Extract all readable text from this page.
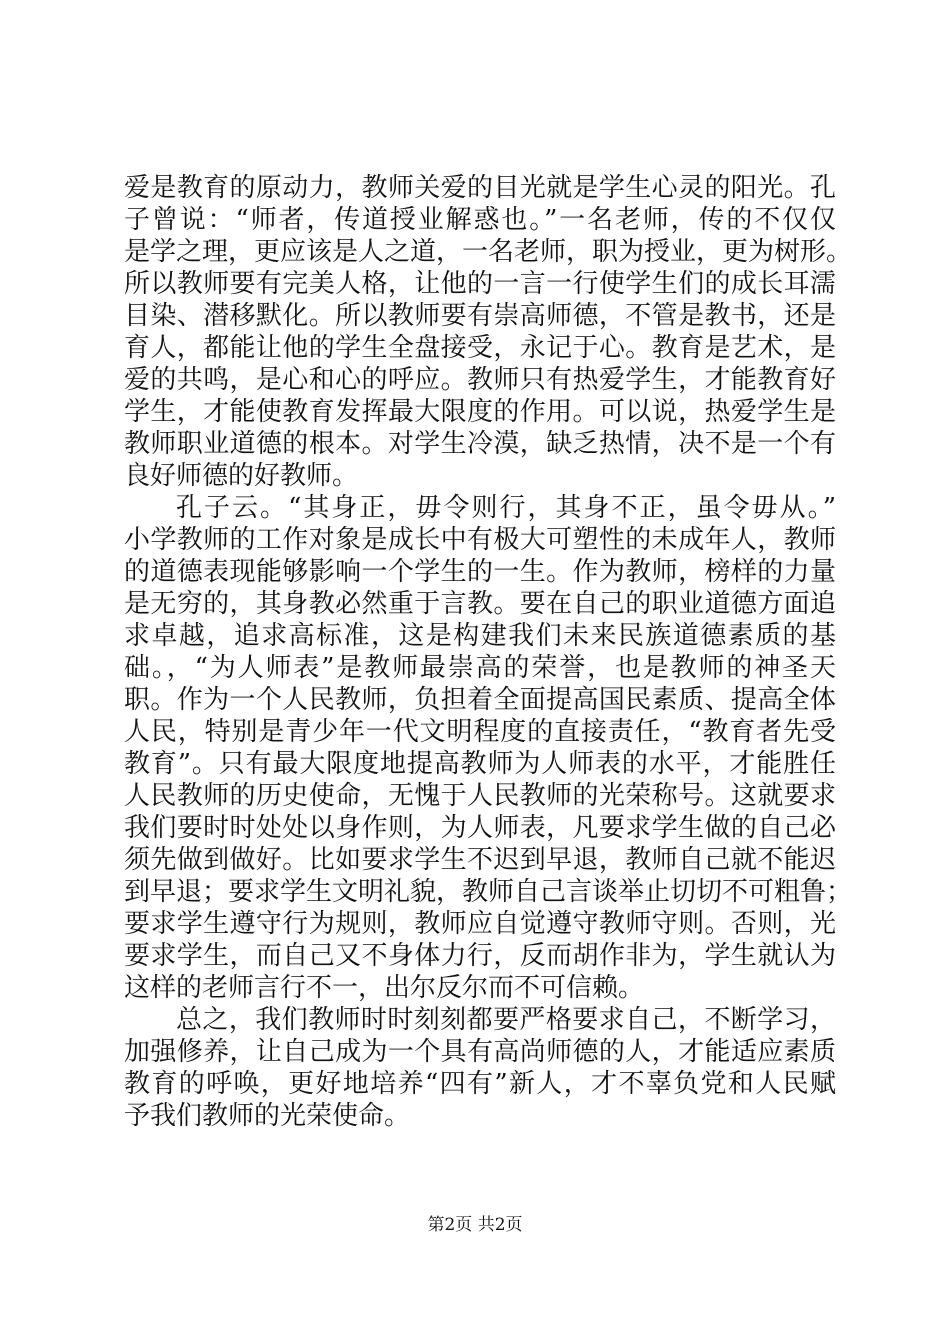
爱是教育的原动力，教师关爱的目光就是学生心灵的阳光。孔
子曾说：“师者，传道授业解惑也。”一名老师，传的不仅仅
是学之理，更应该是人之道，一名老师，职为授业，更为树形。
所以教师要有完美人格，让他的一言一行使学生们的成长耳濡
目染、潜移默化。所以教师要有崇高师德，不管是教书，还是
育人，都能让他的学生全盘接受，永记于心。教育是艺术，是
爱的共鸣，是心和心的呼应。教师只有热爱学生，才能教育好
学生，才能使教育发挥最大限度的作用。可以说，热爱学生是
教师职业道德的根本。对学生冷漠，缺乏热情，决不是一个有
良好师德的好教师。
孔子云。“其身正，毋令则行，其身不正，虽令毋从。”
小学教师的工作对象是成长中有极大可塑性的未成年人，教师
的道德表现能够影响一个学生的一生。作为教师，榜样的力量
是无穷的，其身教必然重于言教。要在自己的职业道德方面追
求卓越，追求高标准，这是构建我们未来民族道德素质的基
础。，“为人师表”是教师最崇高的荣誉，也是教师的神圣天
职。作为一个人民教师，负担着全面提高国民素质、提高全体
人民，特别是青少年一代文明程度的直接责任，“教育者先受
教育”。只有最大限度地提高教师为人师表的水平，才能胜任
人民教师的历史使命，无愧于人民教师的光荣称号。这就要求
我们要时时处处以身作则，为人师表，凡要求学生做的自己必
须先做到做好。比如要求学生不迟到早退，教师自己就不能迟
到早退；要求学生文明礼貌，教师自己言谈举止切切不可粗鲁；
要求学生遵守行为规则，教师应自觉遵守教师守则。否则，光
要求学生，而自己又不身体力行，反而胡作非为，学生就认为
这样的老师言行不一，出尔反尔而不可信赖。
总之，我们教师时时刻刻都要严格要求自己，不断学习，
加强修养，让自己成为一个具有高尚师德的人，才能适应素质
教育的呼唤，更好地培养“四有”新人，才不辜负党和人民赋
予我们教师的光荣使命。
第2页 共2页
